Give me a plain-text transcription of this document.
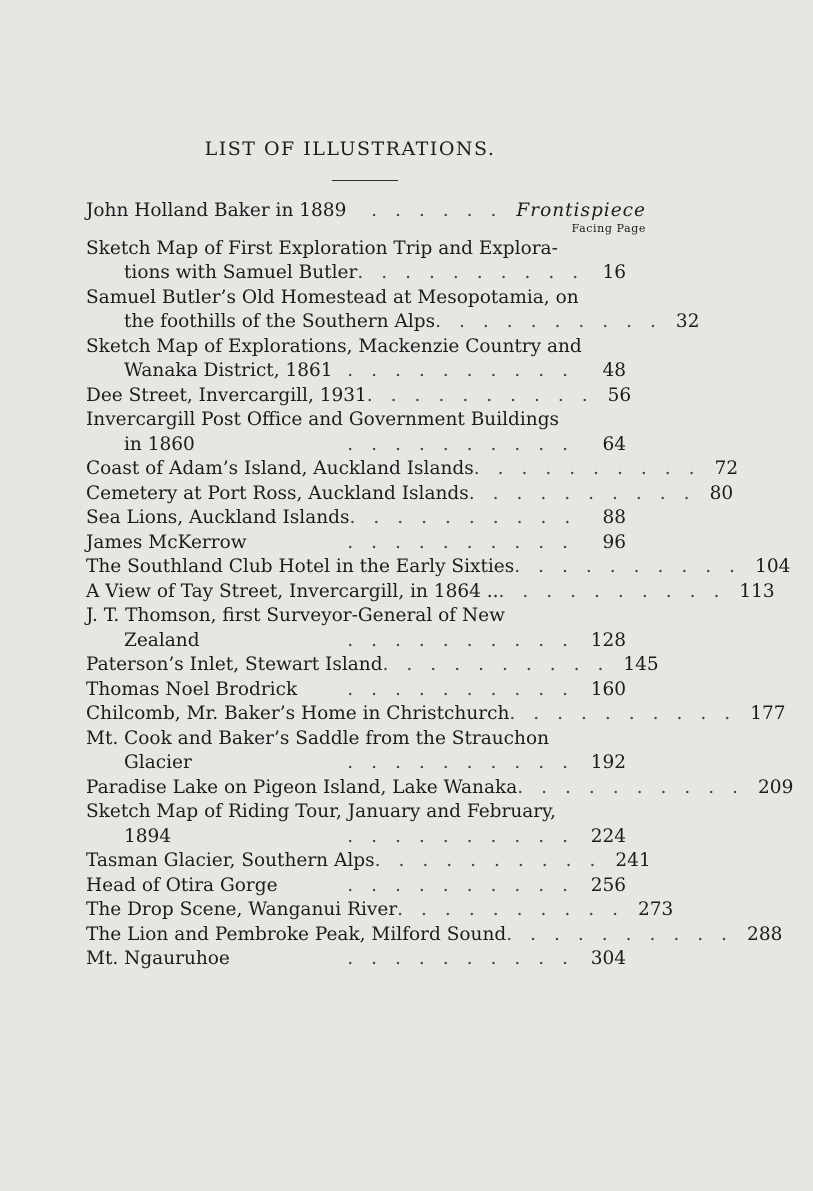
LIST OF ILLUSTRATIONS.
John Holland Baker in 1889	...... Frontispiece
Facing Page
Sketch Map of First Exploration Trip and Explora-
tions with Samuel Butler .......... 16
Samuel Butler’s Old Homestead at Mesopotamia, on
the foothills of the Southern Alps .......... 32
Sketch Map of Explorations, Mackenzie Country and
Wanaka District, 1861 .......... 48
Dee Street, Invercargill, 1931 .......... 56
Invercargill Post Office and Government Buildings
in 1860	.......... 64
Coast of Adam’s Island, Auckland Islands .......... 72
Cemetery at Port Ross, Auckland Islands .......... 80
Sea Lions, Auckland Islands .......... 88
James McKerrow	.......... 96
The Southland Club Hotel in the Early Sixties .......... 104
A View of Tay Street, Invercargill, in 1864 .. .......... 113
J. T. Thomson, first Surveyor-General of New
Zealand	.......... 128
Paterson’s Inlet, Stewart Island .......... 145
Thomas Noel Brodrick	.......... 160
Chilcomb, Mr. Baker’s Home in Christchurch .......... 177
Mt. Cook and Baker’s Saddle from the Strauchon
Glacier	.......... 192
Paradise Lake on Pigeon Island, Lake Wanaka .......... 209
Sketch Map of Riding Tour, January and February,
1894	.......... 224
Tasman Glacier, Southern Alps .......... 241
Head of Otira Gorge	.......... 256
The Drop Scene, Wanganui River .......... 273
The Lion and Pembroke Peak, Milford Sound .......... 288
Mt. Ngauruhoe	.......... 304
